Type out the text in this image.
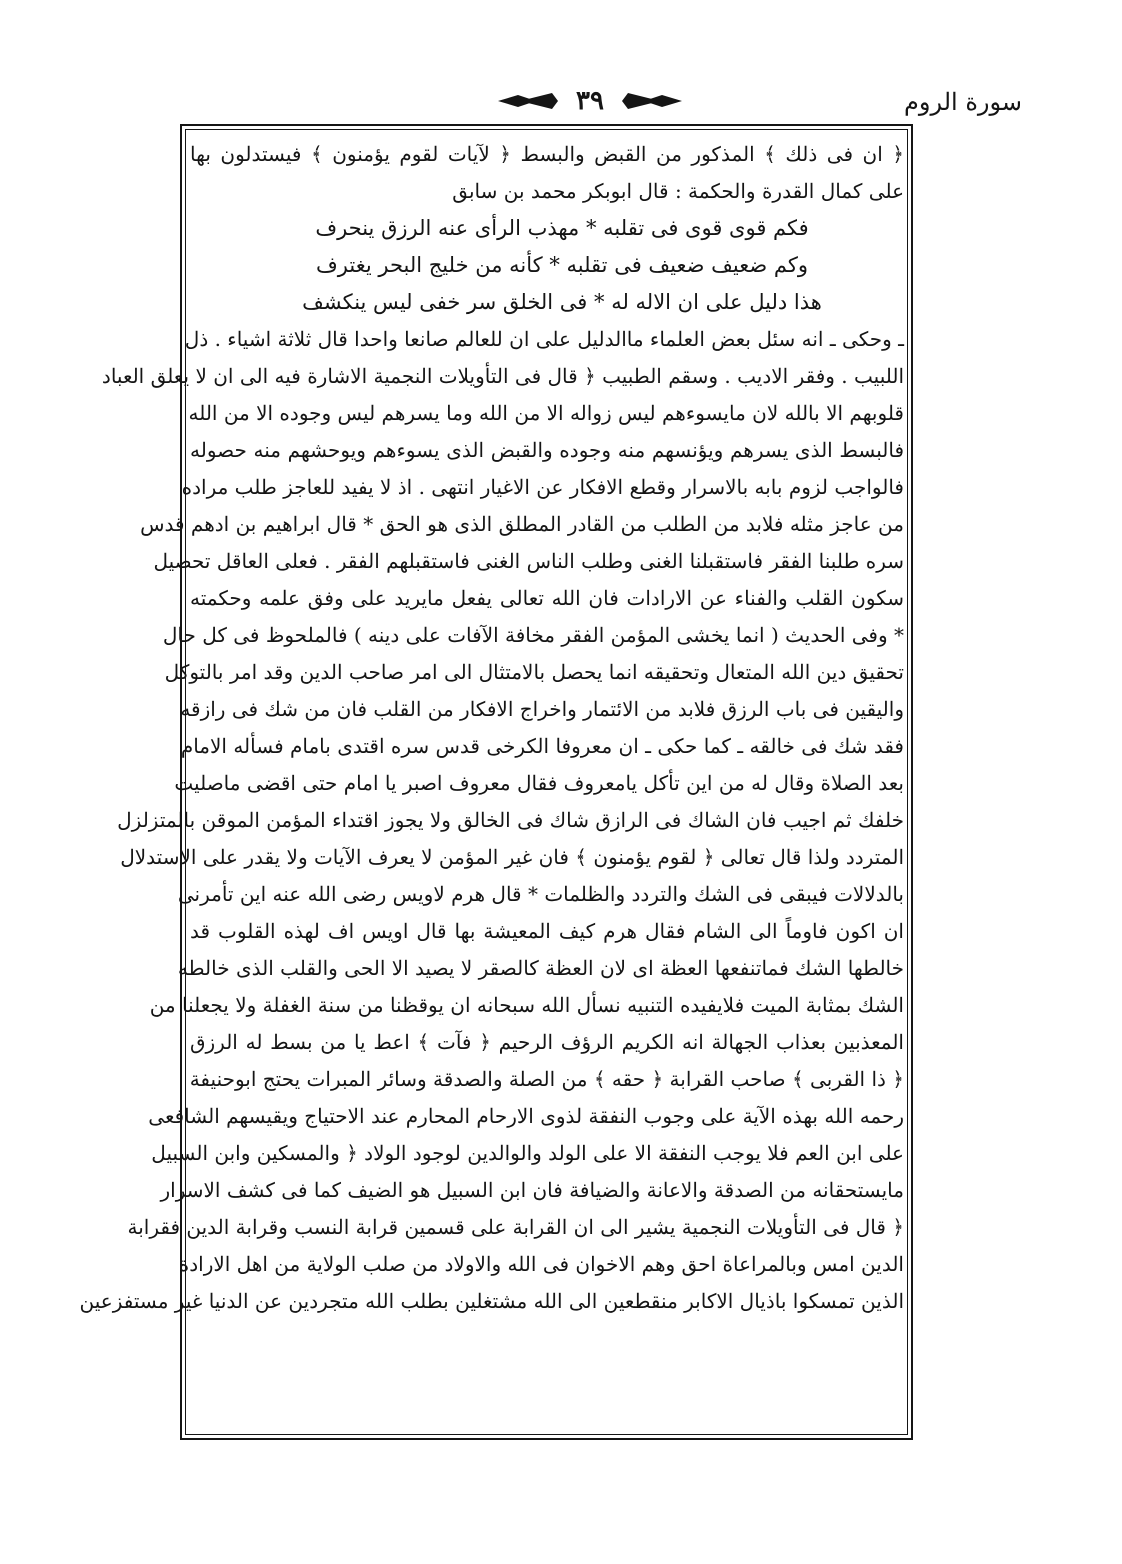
٣٩	سورة الروم
﴿ ان فى ذلك ﴾ المذكور من القبض والبسط ﴿ لآيات لقوم يؤمنون ﴾ فيستدلون بها
على كمال القدرة والحكمة : قال ابوبكر محمد بن سابق
فكم قوى قوى فى تقلبه * مهذب الرأى عنه الرزق ينحرف
وكم ضعيف ضعيف فى تقلبه * كأنه من خليج البحر يغترف
هذا دليل على ان الاله له * فى الخلق سر خفى ليس ينكشف
ـ وحكى ـ انه سئل بعض العلماء ماالدليل على ان للعالم صانعا واحدا قال ثلاثة اشياء . ذل
اللبيب . وفقر الاديب . وسقم الطبيب ﴿ قال فى التأويلات النجمية الاشارة فيه الى ان لا يعلق العباد
قلوبهم الا بالله لان مايسوءهم ليس زواله الا من الله وما يسرهم ليس وجوده الا من الله
فالبسط الذى يسرهم ويؤنسهم منه وجوده والقبض الذى يسوءهم ويوحشهم منه حصوله
فالواجب لزوم بابه بالاسرار وقطع الافكار عن الاغيار انتهى . اذ لا يفيد للعاجز طلب مراده
من عاجز مثله فلابد من الطلب من القادر المطلق الذى هو الحق * قال ابراهيم بن ادهم قدس
سره طلبنا الفقر فاستقبلنا الغنى وطلب الناس الغنى فاستقبلهم الفقر . فعلى العاقل تحصيل
سكون القلب والفناء عن الارادات فان الله تعالى يفعل مايريد على وفق علمه وحكمته
* وفى الحديث ( انما يخشى المؤمن الفقر مخافة الآفات على دينه ) فالملحوظ فى كل حال
تحقيق دين الله المتعال وتحقيقه انما يحصل بالامتثال الى امر صاحب الدين وقد امر بالتوكل
واليقين فى باب الرزق فلابد من الائتمار واخراج الافكار من القلب فان من شك فى رازقه
فقد شك فى خالقه ـ كما حكى ـ ان معروفا الكرخى قدس سره اقتدى بامام فسأله الامام
بعد الصلاة وقال له من اين تأكل يامعروف فقال معروف اصبر يا امام حتى اقضى ماصليت
خلفك ثم اجيب فان الشاك فى الرازق شاك فى الخالق ولا يجوز اقتداء المؤمن الموقن بالمتزلزل
المتردد ولذا قال تعالى ﴿ لقوم يؤمنون ﴾ فان غير المؤمن لا يعرف الآيات ولا يقدر على الاستدلال
بالدلالات فيبقى فى الشك والتردد والظلمات * قال هرم لاويس رضى الله عنه اين تأمرنى
ان اكون فاوماً الى الشام فقال هرم كيف المعيشة بها قال اويس اف لهذه القلوب قد
خالطها الشك فماتنفعها العظة اى لان العظة كالصقر لا يصيد الا الحى والقلب الذى خالطه
الشك بمثابة الميت فلايفيده التنبيه نسأل الله سبحانه ان يوقظنا من سنة الغفلة ولا يجعلنا من
المعذبين بعذاب الجهالة انه الكريم الرؤف الرحيم ﴿ فآت ﴾ اعط يا من بسط له الرزق
﴿ ذا القربى ﴾ صاحب القرابة ﴿ حقه ﴾ من الصلة والصدقة وسائر المبرات يحتج ابوحنيفة
رحمه الله بهذه الآية على وجوب النفقة لذوى الارحام المحارم عند الاحتياج ويقيسهم الشافعى
على ابن العم فلا يوجب النفقة الا على الولد والوالدين لوجود الولاد ﴿ والمسكين وابن السبيل
مايستحقانه من الصدقة والاعانة والضيافة فان ابن السبيل هو الضيف كما فى كشف الاسرار
﴿ قال فى التأويلات النجمية يشير الى ان القرابة على قسمين قرابة النسب وقرابة الدين فقرابة
الدين امس وبالمراعاة احق وهم الاخوان فى الله والاولاد من صلب الولاية من اهل الارادة
الذين تمسكوا باذيال الاكابر منقطعين الى الله مشتغلين بطلب الله متجردين عن الدنيا غير مستفزعين
